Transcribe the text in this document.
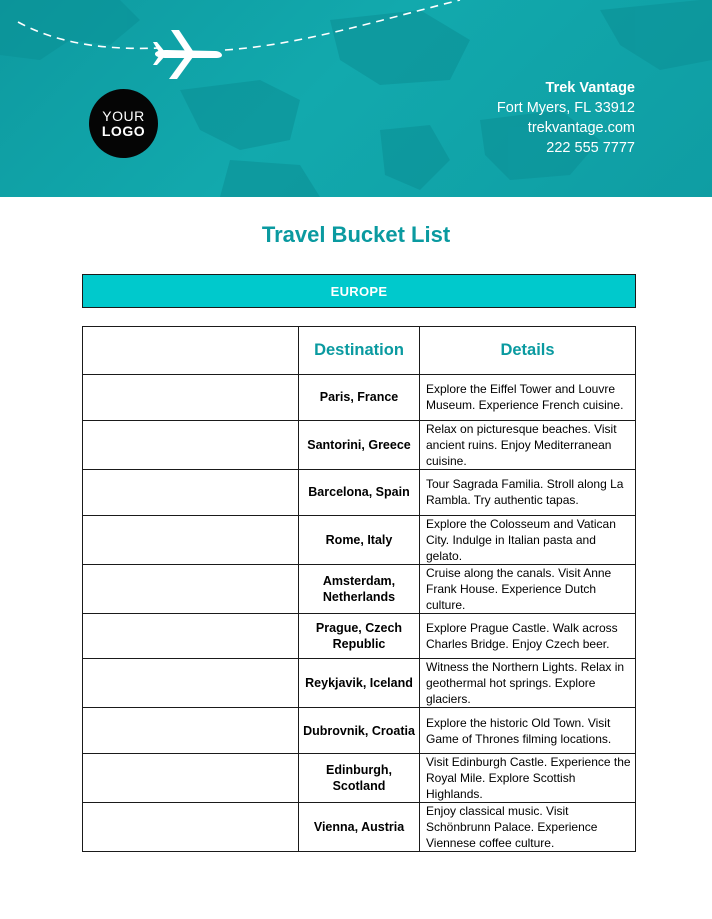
YOUR
LOGO
Trek Vantage
Fort Myers, FL 33912
trekvantage.com
222 555 7777
Travel Bucket List
EUROPE
	Destination	Details
	Paris, France	Explore the Eiffel Tower and Louvre Museum. Experience French cuisine.
	Santorini, Greece	Relax on picturesque beaches. Visit ancient ruins. Enjoy Mediterranean cuisine.
	Barcelona, Spain	Tour Sagrada Familia. Stroll along La Rambla. Try authentic tapas.
	Rome, Italy	Explore the Colosseum and Vatican City. Indulge in Italian pasta and gelato.
	Amsterdam, Netherlands	Cruise along the canals. Visit Anne Frank House. Experience Dutch culture.
	Prague, Czech Republic	Explore Prague Castle. Walk across Charles Bridge. Enjoy Czech beer.
	Reykjavik, Iceland	Witness the Northern Lights. Relax in geothermal hot springs. Explore glaciers.
	Dubrovnik, Croatia	Explore the historic Old Town. Visit Game of Thrones filming locations.
	Edinburgh, Scotland	Visit Edinburgh Castle. Experience the Royal Mile. Explore Scottish Highlands.
	Vienna, Austria	Enjoy classical music. Visit Schönbrunn Palace. Experience Viennese coffee culture.
